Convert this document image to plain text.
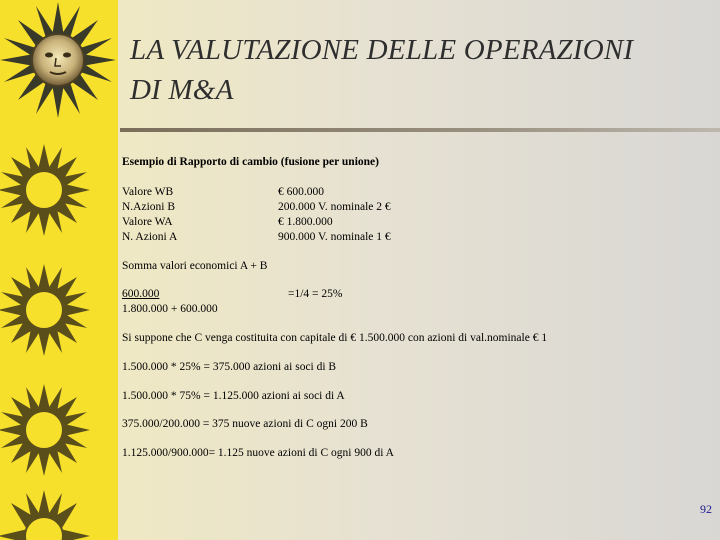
LA VALUTAZIONE DELLE OPERAZIONI
DI M&A
Esempio di Rapporto di cambio (fusione per unione)
Valore WB	€ 600.000
N.Azioni B	200.000 V. nominale 2 €
Valore WA	€ 1.800.000
N. Azioni A	900.000 V. nominale 1 €
Somma valori economici A + B
600.000	=1/4 = 25%
1.800.000 + 600.000
Si suppone che C venga costituita con capitale di € 1.500.000 con azioni di val.nominale € 1
1.500.000 * 25% = 375.000 azioni ai soci di B
1.500.000 * 75% = 1.125.000 azioni ai soci di A
375.000/200.000 = 375 nuove azioni di C ogni 200 B
1.125.000/900.000= 1.125 nuove azioni di C ogni 900 di A
92
